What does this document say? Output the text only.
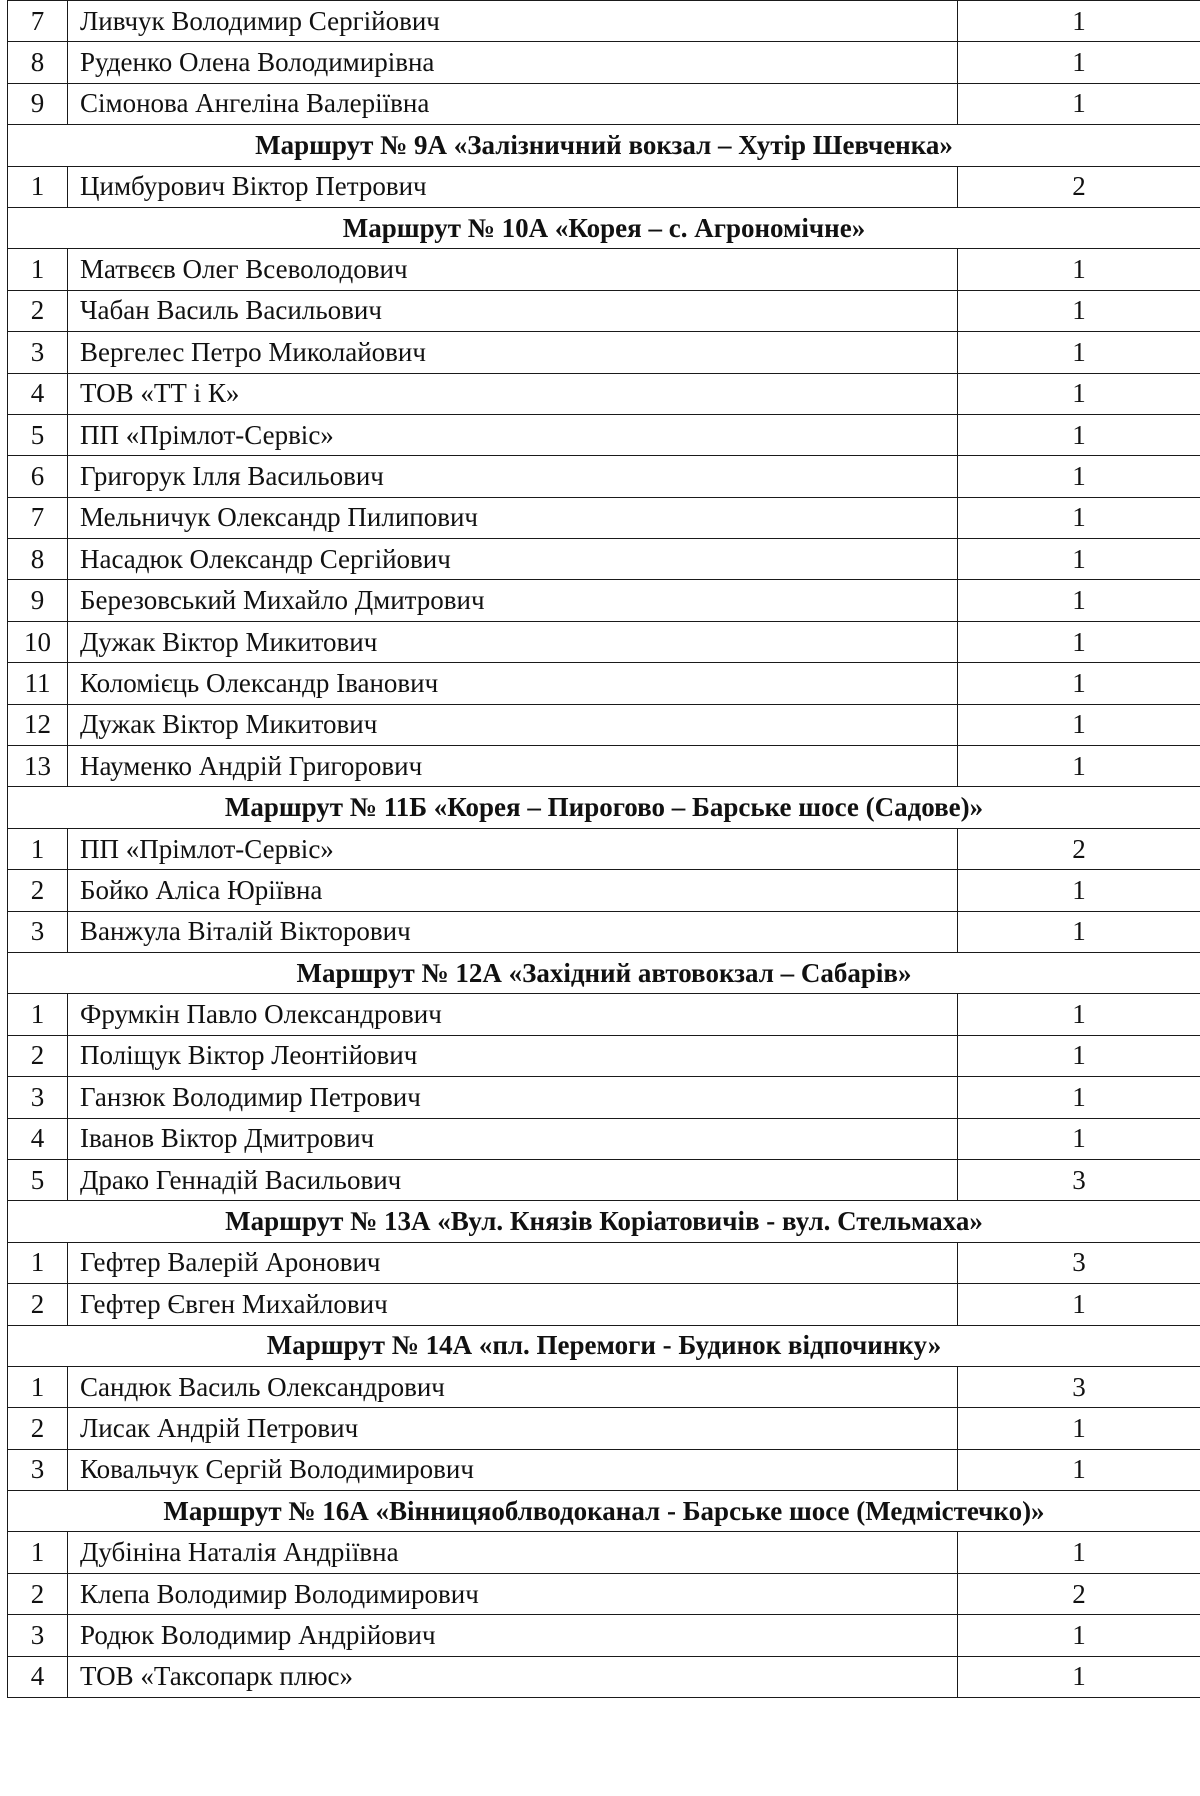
7	Ливчук Володимир Сергійович	1
8	Руденко Олена Володимирівна	1
9	Сімонова Ангеліна Валеріївна	1
Маршрут № 9А «Залізничний вокзал – Хутір Шевченка»		
1	Цимбурович Віктор Петрович	2
Маршрут № 10А «Корея – с. Агрономічне»		
1	Матвєєв Олег Всеволодович	1
2	Чабан Василь Васильович	1
3	Вергелес Петро Миколайович	1
4	ТОВ «ТТ і К»	1
5	ПП «Прімлот-Сервіс»	1
6	Григорук Ілля Васильович	1
7	Мельничук Олександр Пилипович	1
8	Насадюк Олександр Сергійович	1
9	Березовський Михайло Дмитрович	1
10	Дужак Віктор Микитович	1
11	Коломієць Олександр Іванович	1
12	Дужак Віктор Микитович	1
13	Науменко Андрій Григорович	1
Маршрут № 11Б «Корея – Пирогово – Барське шосе (Садове)»		
1	ПП «Прімлот-Сервіс»	2
2	Бойко Аліса Юріївна	1
3	Ванжула Віталій Вікторович	1
Маршрут № 12А «Західний автовокзал – Сабарів»		
1	Фрумкін Павло Олександрович	1
2	Поліщук Віктор Леонтійович	1
3	Ганзюк Володимир Петрович	1
4	Іванов Віктор Дмитрович	1
5	Драко Геннадій Васильович	3
Маршрут № 13А «Вул. Князів Коріатовичів - вул. Стельмаха»		
1	Гефтер Валерій Аронович	3
2	Гефтер Євген Михайлович	1
Маршрут № 14А «пл. Перемоги - Будинок відпочинку»		
1	Сандюк Василь Олександрович	3
2	Лисак Андрій Петрович	1
3	Ковальчук Сергій Володимирович	1
Маршрут № 16А «Вінницяоблводоканал - Барське шосе (Медмістечко)»		
1	Дубініна Наталія Андріївна	1
2	Клепа Володимир Володимирович	2
3	Родюк Володимир Андрійович	1
4	ТОВ «Таксопарк плюс»	1
